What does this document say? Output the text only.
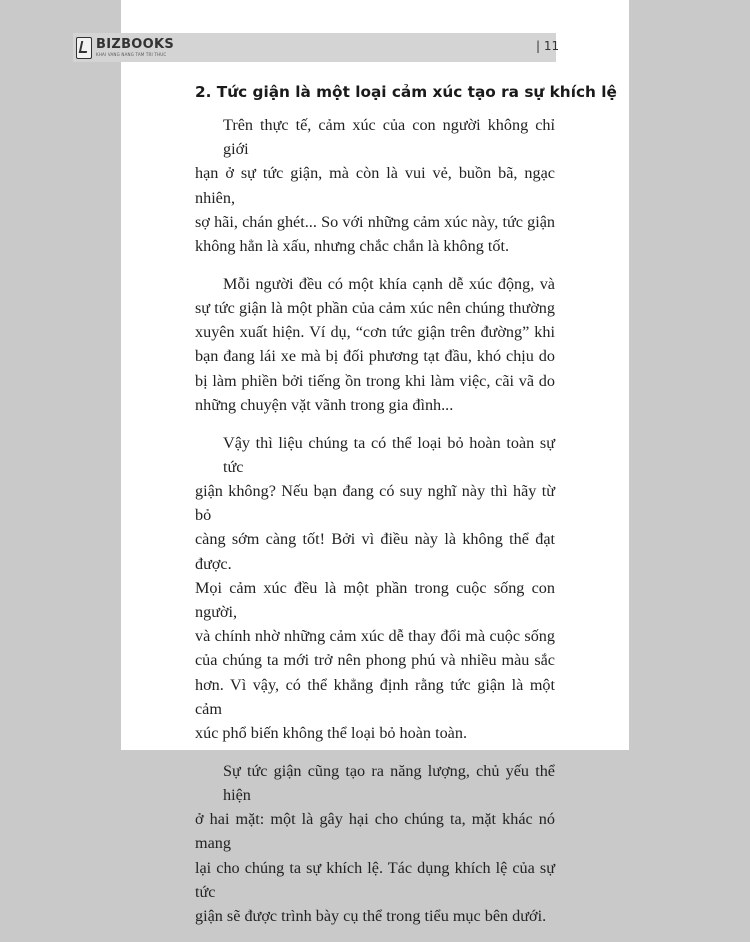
BIZBOOKS
KHAI VANG NANG TAM TRI THUC
| 11
2. Tức giận là một loại cảm xúc tạo ra sự khích lệ
Trên thực tế, cảm xúc của con người không chỉ giới
hạn ở sự tức giận, mà còn là vui vẻ, buồn bã, ngạc nhiên,
sợ hãi, chán ghét... So với những cảm xúc này, tức giận
không hẳn là xấu, nhưng chắc chắn là không tốt.
Mỗi người đều có một khía cạnh dễ xúc động, và
sự tức giận là một phần của cảm xúc nên chúng thường
xuyên xuất hiện. Ví dụ, “cơn tức giận trên đường” khi
bạn đang lái xe mà bị đối phương tạt đầu, khó chịu do
bị làm phiền bởi tiếng ồn trong khi làm việc, cãi vã do
những chuyện vặt vãnh trong gia đình...
Vậy thì liệu chúng ta có thể loại bỏ hoàn toàn sự tức
giận không? Nếu bạn đang có suy nghĩ này thì hãy từ bỏ
càng sớm càng tốt! Bởi vì điều này là không thể đạt được.
Mọi cảm xúc đều là một phần trong cuộc sống con người,
và chính nhờ những cảm xúc dễ thay đổi mà cuộc sống
của chúng ta mới trở nên phong phú và nhiều màu sắc
hơn. Vì vậy, có thể khẳng định rằng tức giận là một cảm
xúc phổ biến không thể loại bỏ hoàn toàn.
Sự tức giận cũng tạo ra năng lượng, chủ yếu thể hiện
ở hai mặt: một là gây hại cho chúng ta, mặt khác nó mang
lại cho chúng ta sự khích lệ. Tác dụng khích lệ của sự tức
giận sẽ được trình bày cụ thể trong tiểu mục bên dưới.
